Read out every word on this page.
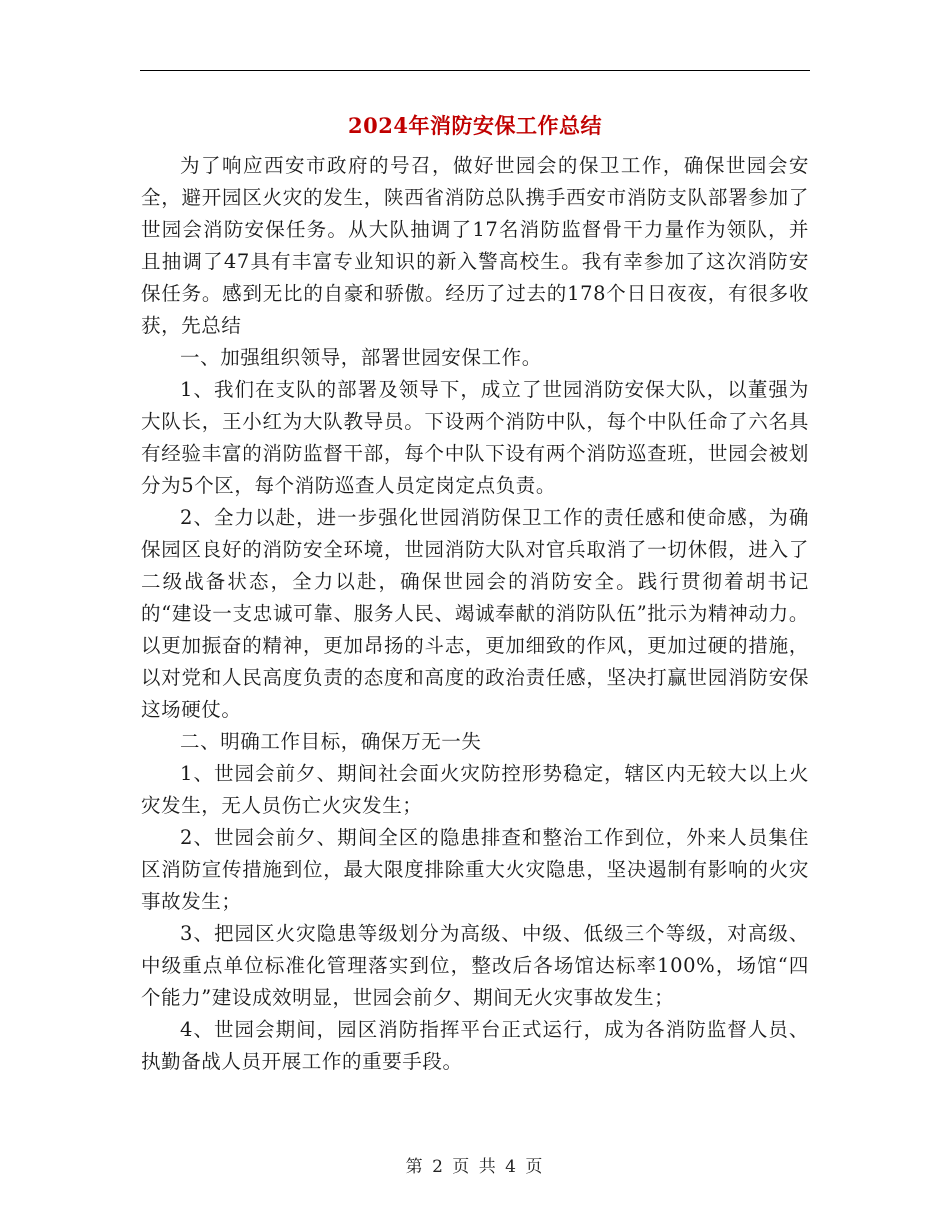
2024年消防安保工作总结

为了响应西安市政府的号召，做好世园会的保卫工作，确保世园会安全，避开园区火灾的发生，陕西省消防总队携手西安市消防支队部署参加了世园会消防安保任务。从大队抽调了17名消防监督骨干力量作为领队，并且抽调了47具有丰富专业知识的新入警高校生。我有幸参加了这次消防安保任务。感到无比的自豪和骄傲。经历了过去的178个日日夜夜，有很多收获，先总结

一、加强组织领导，部署世园安保工作。

1、我们在支队的部署及领导下，成立了世园消防安保大队，以董强为大队长，王小红为大队教导员。下设两个消防中队，每个中队任命了六名具有经验丰富的消防监督干部，每个中队下设有两个消防巡查班，世园会被划分为5个区，每个消防巡查人员定岗定点负责。

2、全力以赴，进一步强化世园消防保卫工作的责任感和使命感，为确保园区良好的消防安全环境，世园消防大队对官兵取消了一切休假，进入了二级战备状态，全力以赴，确保世园会的消防安全。践行贯彻着胡书记的“建设一支忠诚可靠、服务人民、竭诚奉献的消防队伍”批示为精神动力。以更加振奋的精神，更加昂扬的斗志，更加细致的作风，更加过硬的措施，以对党和人民高度负责的态度和高度的政治责任感，坚决打赢世园消防安保这场硬仗。

二、明确工作目标，确保万无一失

1、世园会前夕、期间社会面火灾防控形势稳定，辖区内无较大以上火灾发生，无人员伤亡火灾发生；

2、世园会前夕、期间全区的隐患排查和整治工作到位，外来人员集住区消防宣传措施到位，最大限度排除重大火灾隐患，坚决遏制有影响的火灾事故发生；

3、把园区火灾隐患等级划分为高级、中级、低级三个等级，对高级、中级重点单位标准化管理落实到位，整改后各场馆达标率100%，场馆“四个能力”建设成效明显，世园会前夕、期间无火灾事故发生；

4、世园会期间，园区消防指挥平台正式运行，成为各消防监督人员、执勤备战人员开展工作的重要手段。

第 2 页 共 4 页
